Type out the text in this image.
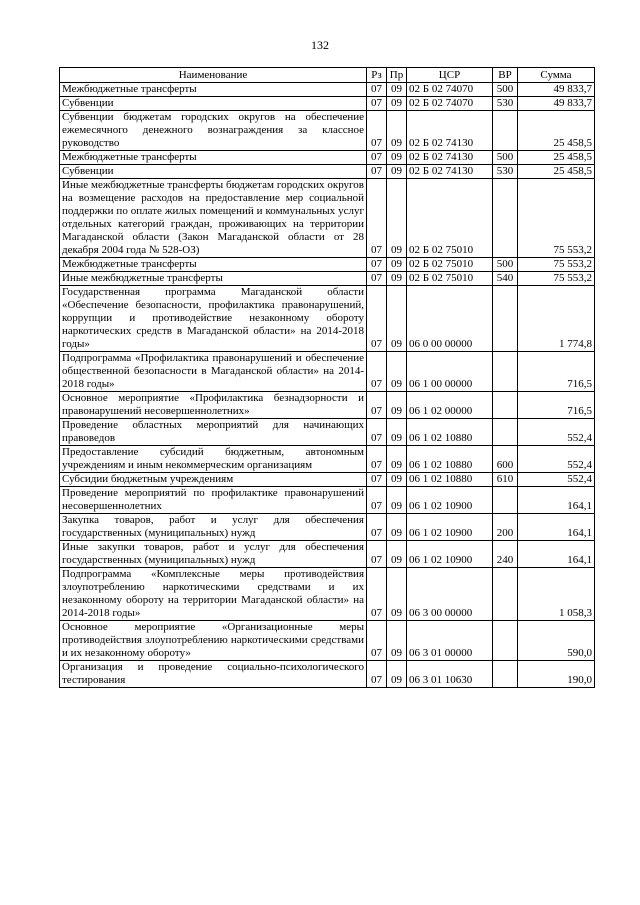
132
Наименование	Рз	Пр	ЦСР	ВР	Сумма
Межбюджетные трансферты	07	09	02 Б 02 74070	500	49 833,7
Субвенции	07	09	02 Б 02 74070	530	49 833,7
Субвенции бюджетам городских округов на обеспечение ежемесячного денежного вознаграждения за классное руководство	07	09	02 Б 02 74130		25 458,5
Межбюджетные трансферты	07	09	02 Б 02 74130	500	25 458,5
Субвенции	07	09	02 Б 02 74130	530	25 458,5
Иные межбюджетные трансферты бюджетам городских округов на возмещение расходов на предоставление мер социальной поддержки по оплате жилых помещений и коммунальных услуг отдельных категорий граждан, проживающих на территории Магаданской области (Закон Магаданской области от 28 декабря 2004 года № 528-ОЗ)	07	09	02 Б 02 75010		75 553,2
Межбюджетные трансферты	07	09	02 Б 02 75010	500	75 553,2
Иные межбюджетные трансферты	07	09	02 Б 02 75010	540	75 553,2
Государственная программа Магаданской области «Обеспечение безопасности, профилактика правонарушений, коррупции и противодействие незаконному обороту наркотических средств в Магаданской области» на 2014-2018 годы»	07	09	06 0 00 00000		1 774,8
Подпрограмма «Профилактика правонарушений и обеспечение общественной безопасности в Магаданской области» на 2014-2018 годы»	07	09	06 1 00 00000		716,5
Основное мероприятие «Профилактика безнадзорности и правонарушений несовершеннолетних»	07	09	06 1 02 00000		716,5
Проведение областных мероприятий для начинающих правоведов	07	09	06 1 02 10880		552,4
Предоставление субсидий бюджетным, автономным учреждениям и иным некоммерческим организациям	07	09	06 1 02 10880	600	552,4
Субсидии бюджетным учреждениям	07	09	06 1 02 10880	610	552,4
Проведение мероприятий по профилактике правонарушений несовершеннолетних	07	09	06 1 02 10900		164,1
Закупка товаров, работ и услуг для обеспечения государственных (муниципальных) нужд	07	09	06 1 02 10900	200	164,1
Иные закупки товаров, работ и услуг для обеспечения государственных (муниципальных) нужд	07	09	06 1 02 10900	240	164,1
Подпрограмма «Комплексные меры противодействия злоупотреблению наркотическими средствами и их незаконному обороту на территории Магаданской области» на 2014-2018 годы»	07	09	06 3 00 00000		1 058,3
Основное мероприятие «Организационные меры противодействия злоупотреблению наркотическими средствами и их незаконному обороту»	07	09	06 3 01 00000		590,0
Организация и проведение социально-психологического тестирования	07	09	06 3 01 10630		190,0
